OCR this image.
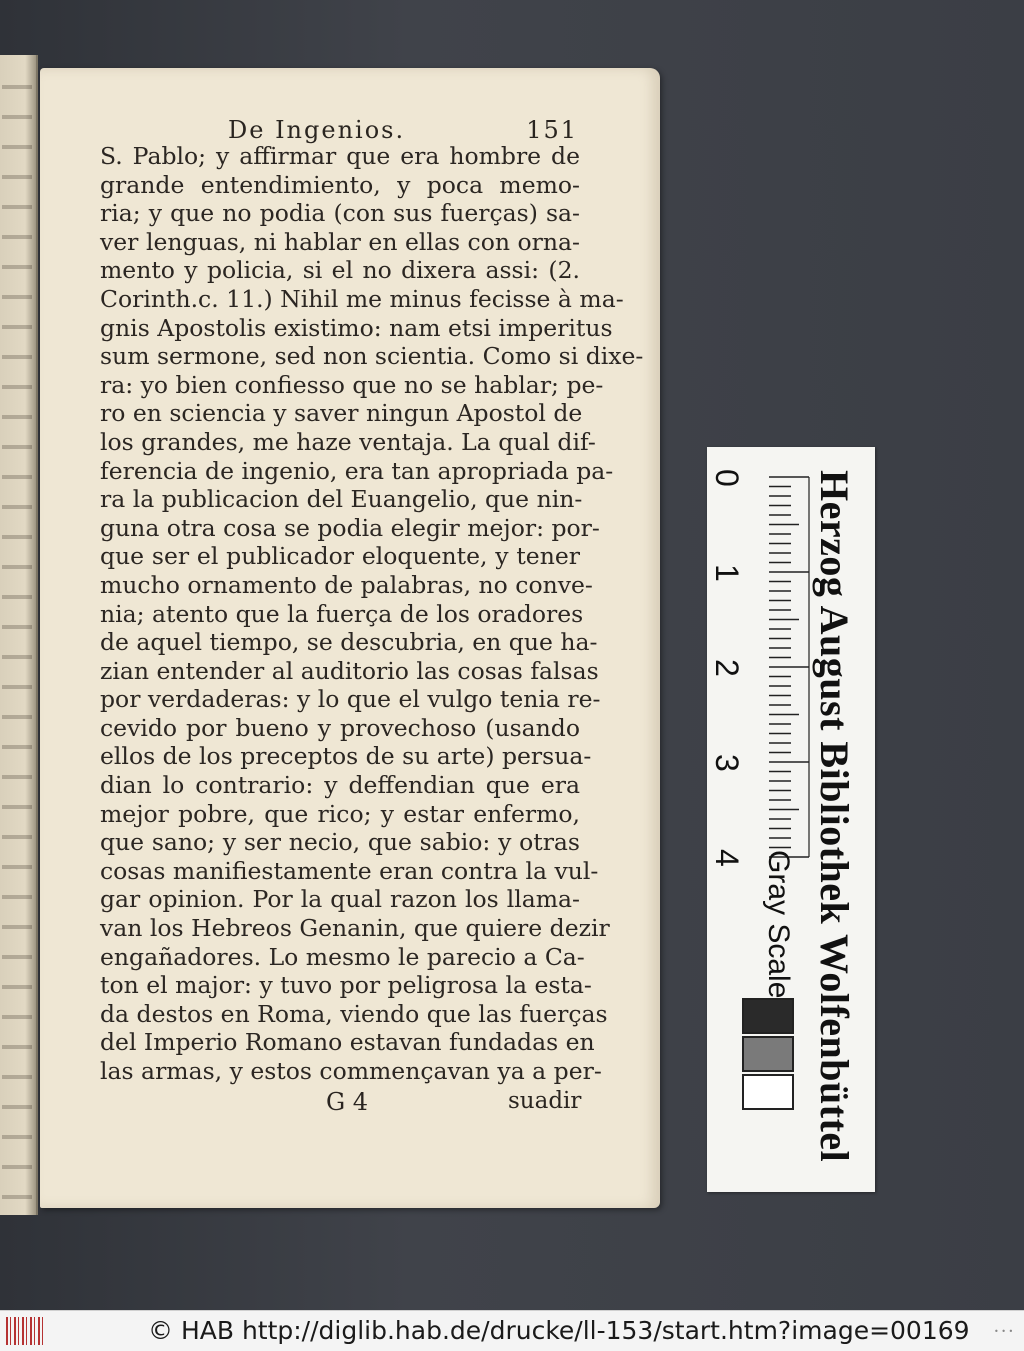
De Ingenios.	151
S. Pablo; y affirmar que era hombre de
grande entendimiento, y poca memo-
ria; y que no podia (con sus fuerças) sa-
ver lenguas, ni hablar en ellas con orna-
mento y policia, si el no dixera assi: (2.
Corinth.c. 11.) Nihil me minus fecisse à ma-
gnis Apostolis existimo: nam etsi imperitus
sum sermone, sed non scientia. Como si dixe-
ra: yo bien confiesso que no se hablar; pe-
ro en sciencia y saver ningun Apostol de
los grandes, me haze ventaja. La qual dif-
ferencia de ingenio, era tan apropriada pa-
ra la publicacion del Euangelio, que nin-
guna otra cosa se podia elegir mejor: por-
que ser el publicador eloquente, y tener
mucho ornamento de palabras, no conve-
nia; atento que la fuerça de los oradores
de aquel tiempo, se descubria, en que ha-
zian entender al auditorio las cosas falsas
por verdaderas: y lo que el vulgo tenia re-
cevido por bueno y provechoso (usando
ellos de los preceptos de su arte) persua-
dian lo contrario: y deffendian que era
mejor pobre, que rico; y estar enfermo,
que sano; y ser necio, que sabio: y otras
cosas manifiestamente eran contra la vul-
gar opinion. Por la qual razon los llama-
van los Hebreos Genanin, que quiere dezir
engañadores. Lo mesmo le parecio a Ca-
ton el major: y tuvo por peligrosa la esta-
da destos en Roma, viendo que las fuerças
del Imperio Romano estavan fundadas en
las armas, y estos commençavan ya a per-
G 4	suadir	Herzog August Bibliothek Wolfenbüttel
Gray Scale
0
1
2
3
4
© HAB http://diglib.hab.de/drucke/ll-153/start.htm?image=00169	• • •
